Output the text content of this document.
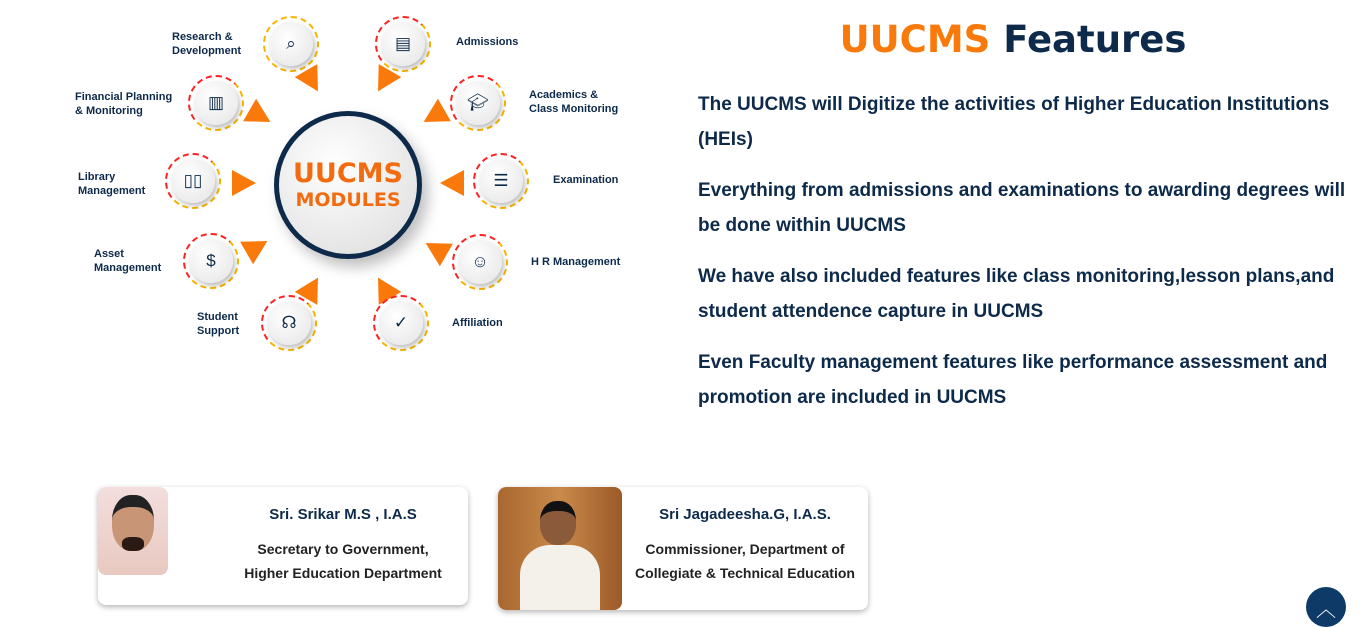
UUCMS
MODULES
⌕	▤
▥	🎓︎
▯▯	☰
$	☺
☊	✓
Research & Development
Admissions
Financial Planning & Monitoring
Academics & Class Monitoring
Library Management
Examination
Asset Management	H R Management
Student Support
Affiliation
UUCMS Features

The UUCMS will Digitize the activities of Higher Education Institutions (HEIs)

Everything from admissions and examinations to awarding degrees will be done within UUCMS

We have also included features like class monitoring,lesson plans,and student attendence capture in UUCMS

Even Faculty management features like performance assessment and promotion are included in UUCMS

Sri. Srikar M.S , I.A.S
Secretary to Government,
Higher Education Department
Sri Jagadeesha.G, I.A.S.
Commissioner, Department of
Collegiate & Technical Education
︿
